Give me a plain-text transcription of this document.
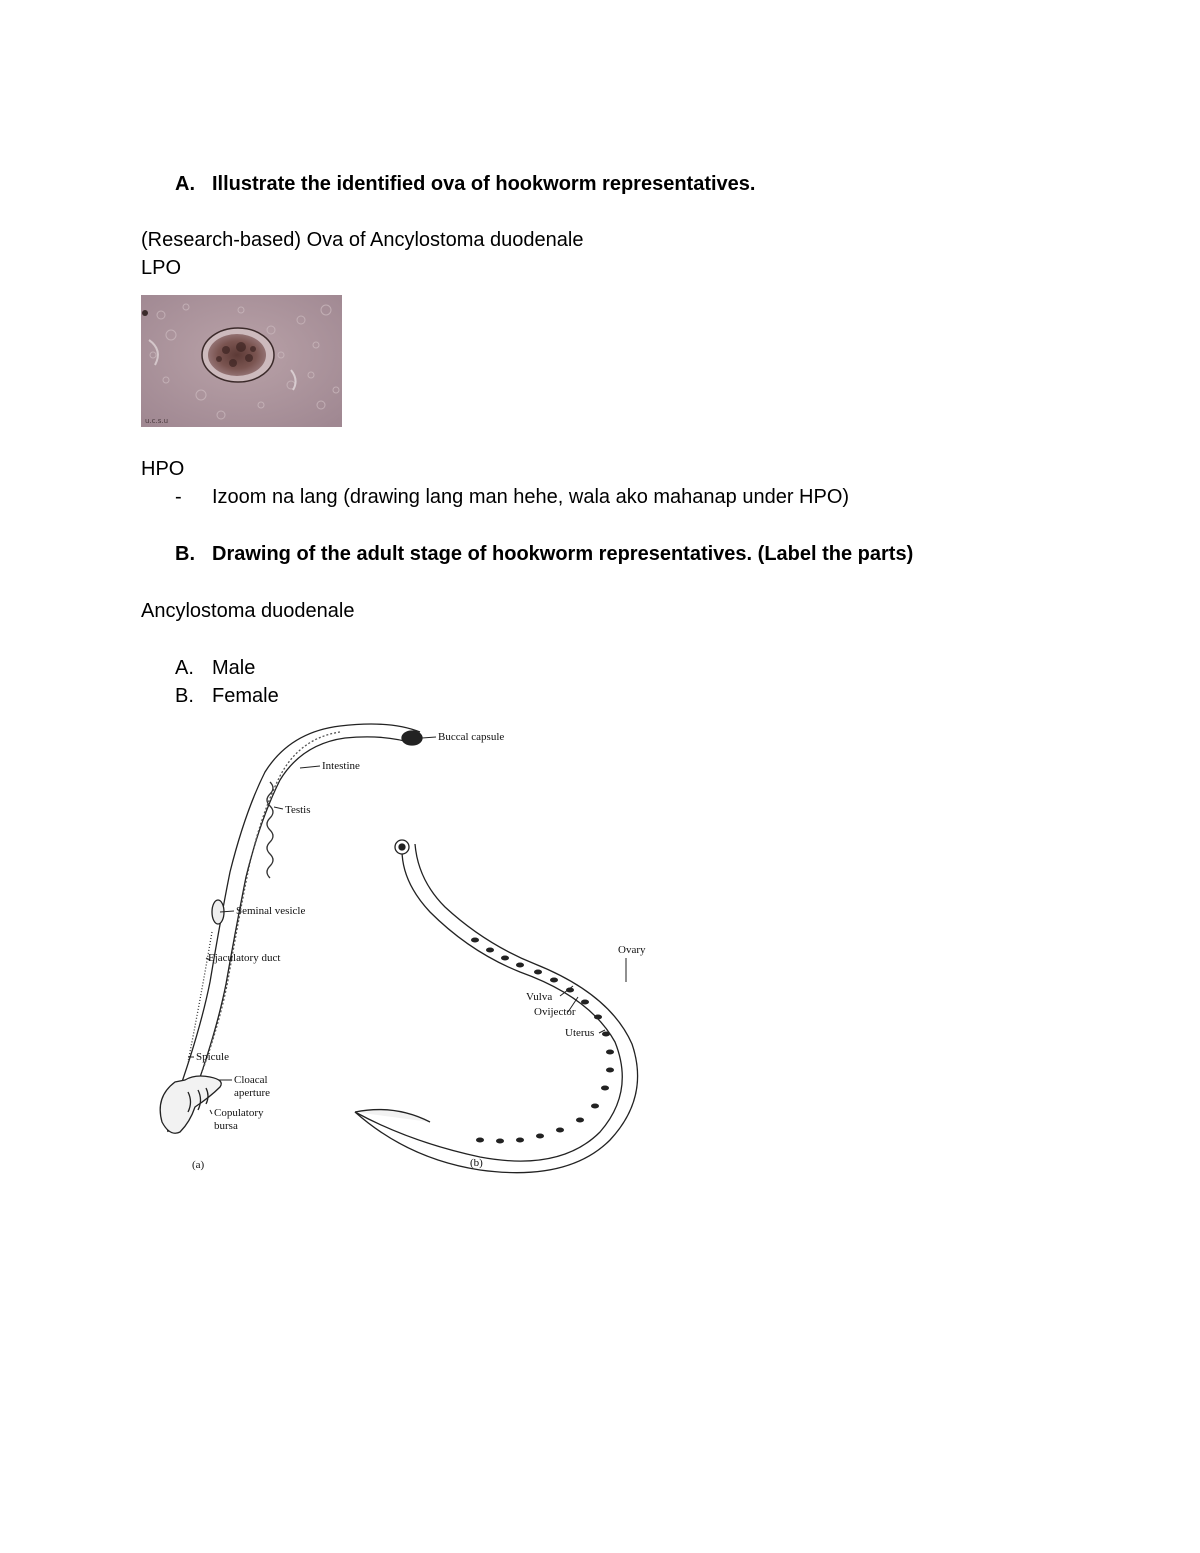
A. Illustrate the identified ova of hookworm representatives.
(Research-based) Ova of Ancylostoma duodenale
LPO
u.c.s.u
HPO
- Izoom na lang (drawing lang man hehe, wala ako mahanap under HPO)
B. Drawing of the adult stage of hookworm representatives. (Label the parts)
Ancylostoma duodenale
A. Male
B. Female
Buccal capsule
Intestine
Testis
Seminal vesicle
Ejaculatory duct
Spicule
Cloacal
aperture
Copulatory
bursa
Ovary
Vulva
Ovijector
Uterus
(a)	(b)
